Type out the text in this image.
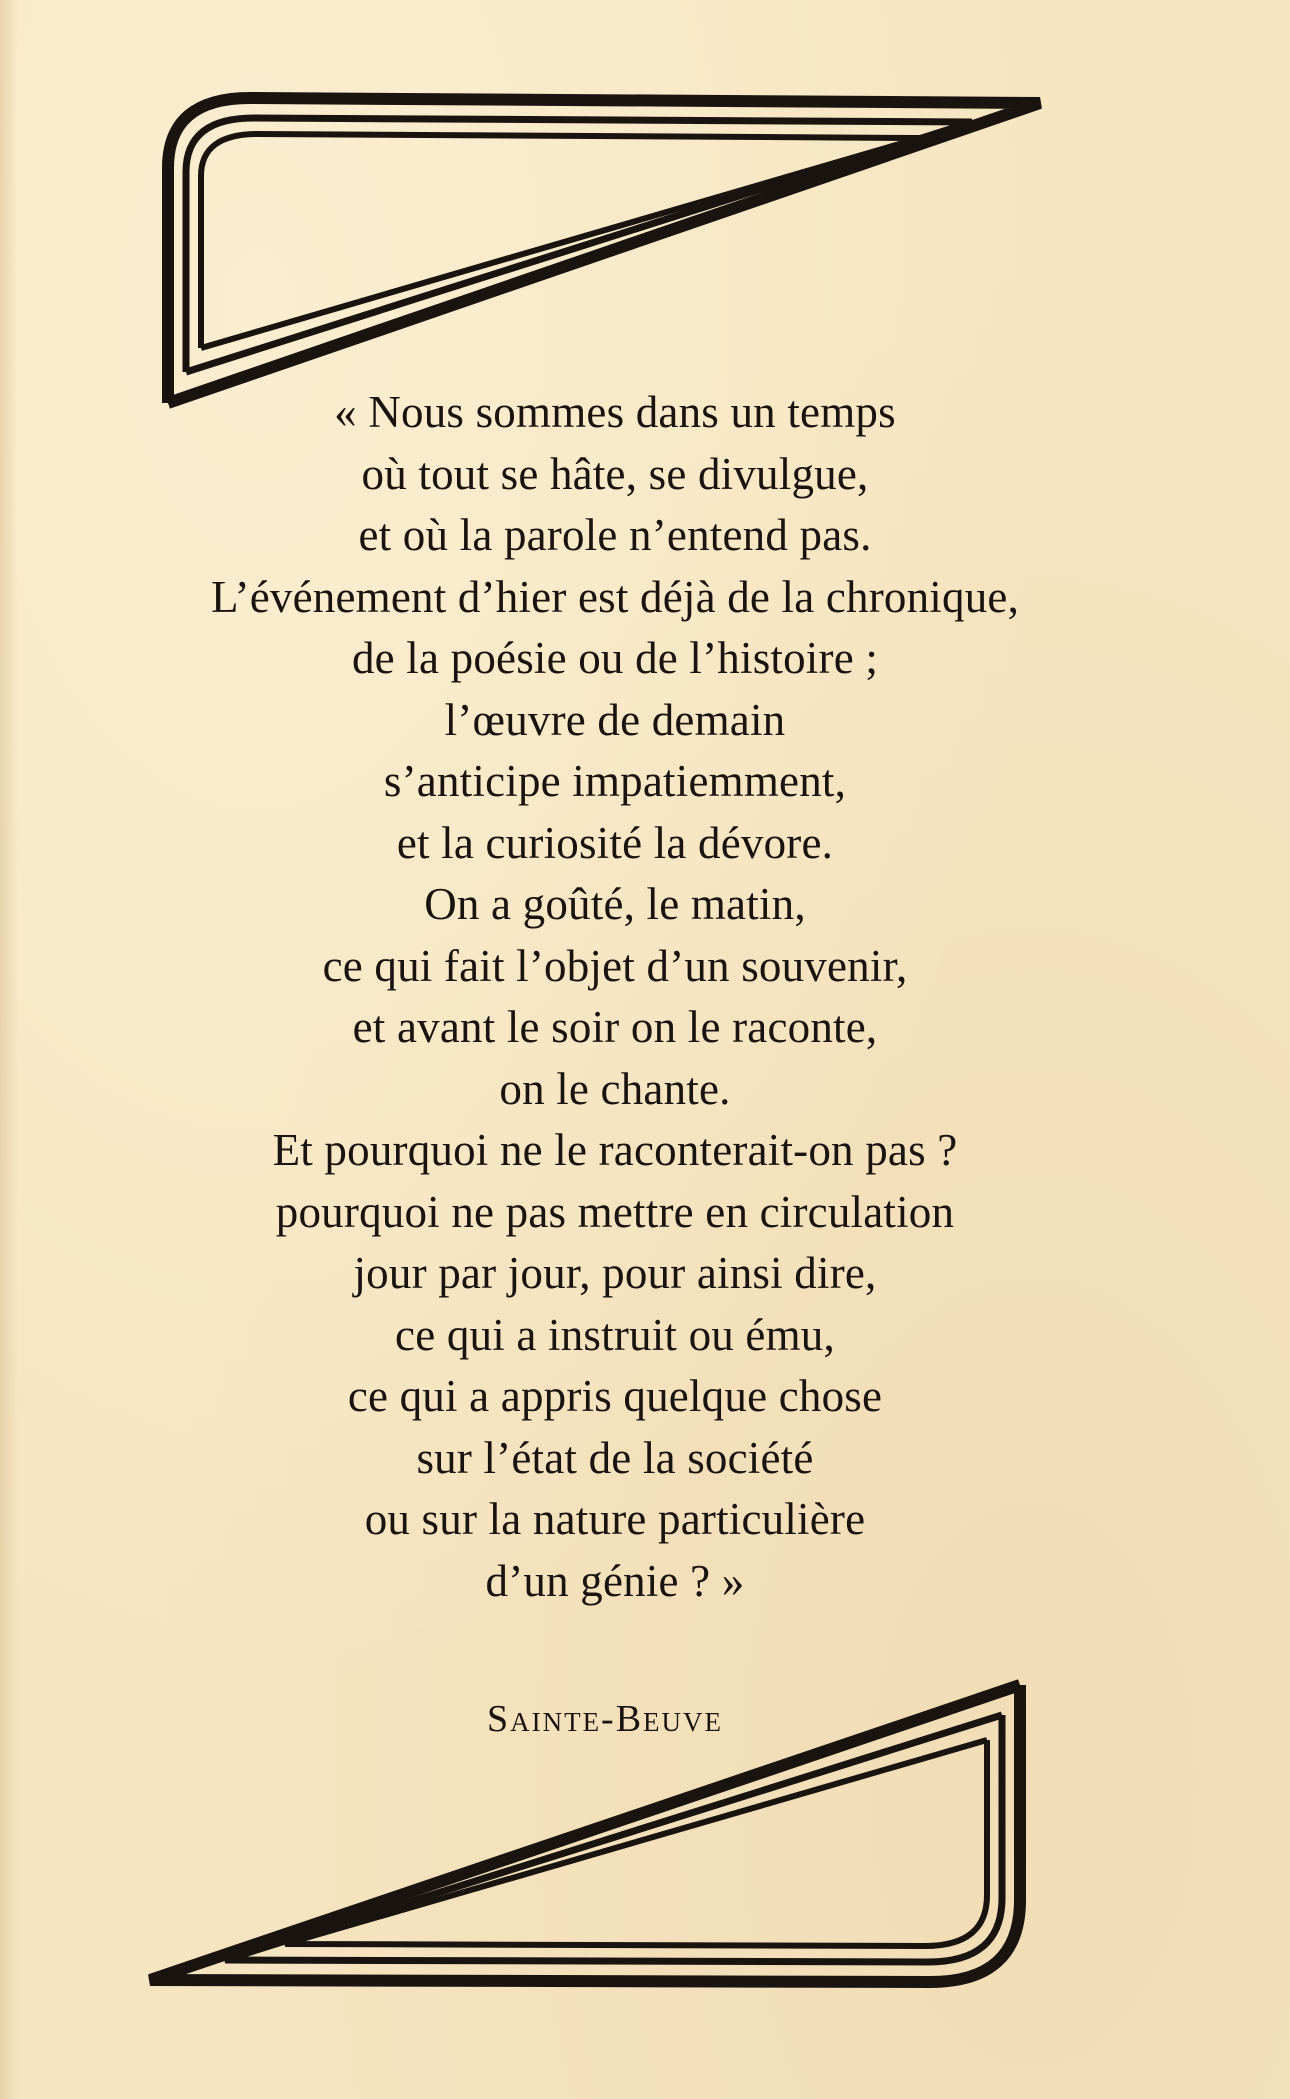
« Nous sommes dans un temps
où tout se hâte, se divulgue,
et où la parole n’entend pas.
L’événement d’hier est déjà de la chronique,
de la poésie ou de l’histoire ;
l’œuvre de demain
s’anticipe impatiemment,
et la curiosité la dévore.
On a goûté, le matin,
ce qui fait l’objet d’un souvenir,
et avant le soir on le raconte,
on le chante.
Et pourquoi ne le raconterait-on pas ?
pourquoi ne pas mettre en circulation
jour par jour, pour ainsi dire,
ce qui a instruit ou ému,
ce qui a appris quelque chose
sur l’état de la société
ou sur la nature particulière
d’un génie ? »
Sainte-Beuve
